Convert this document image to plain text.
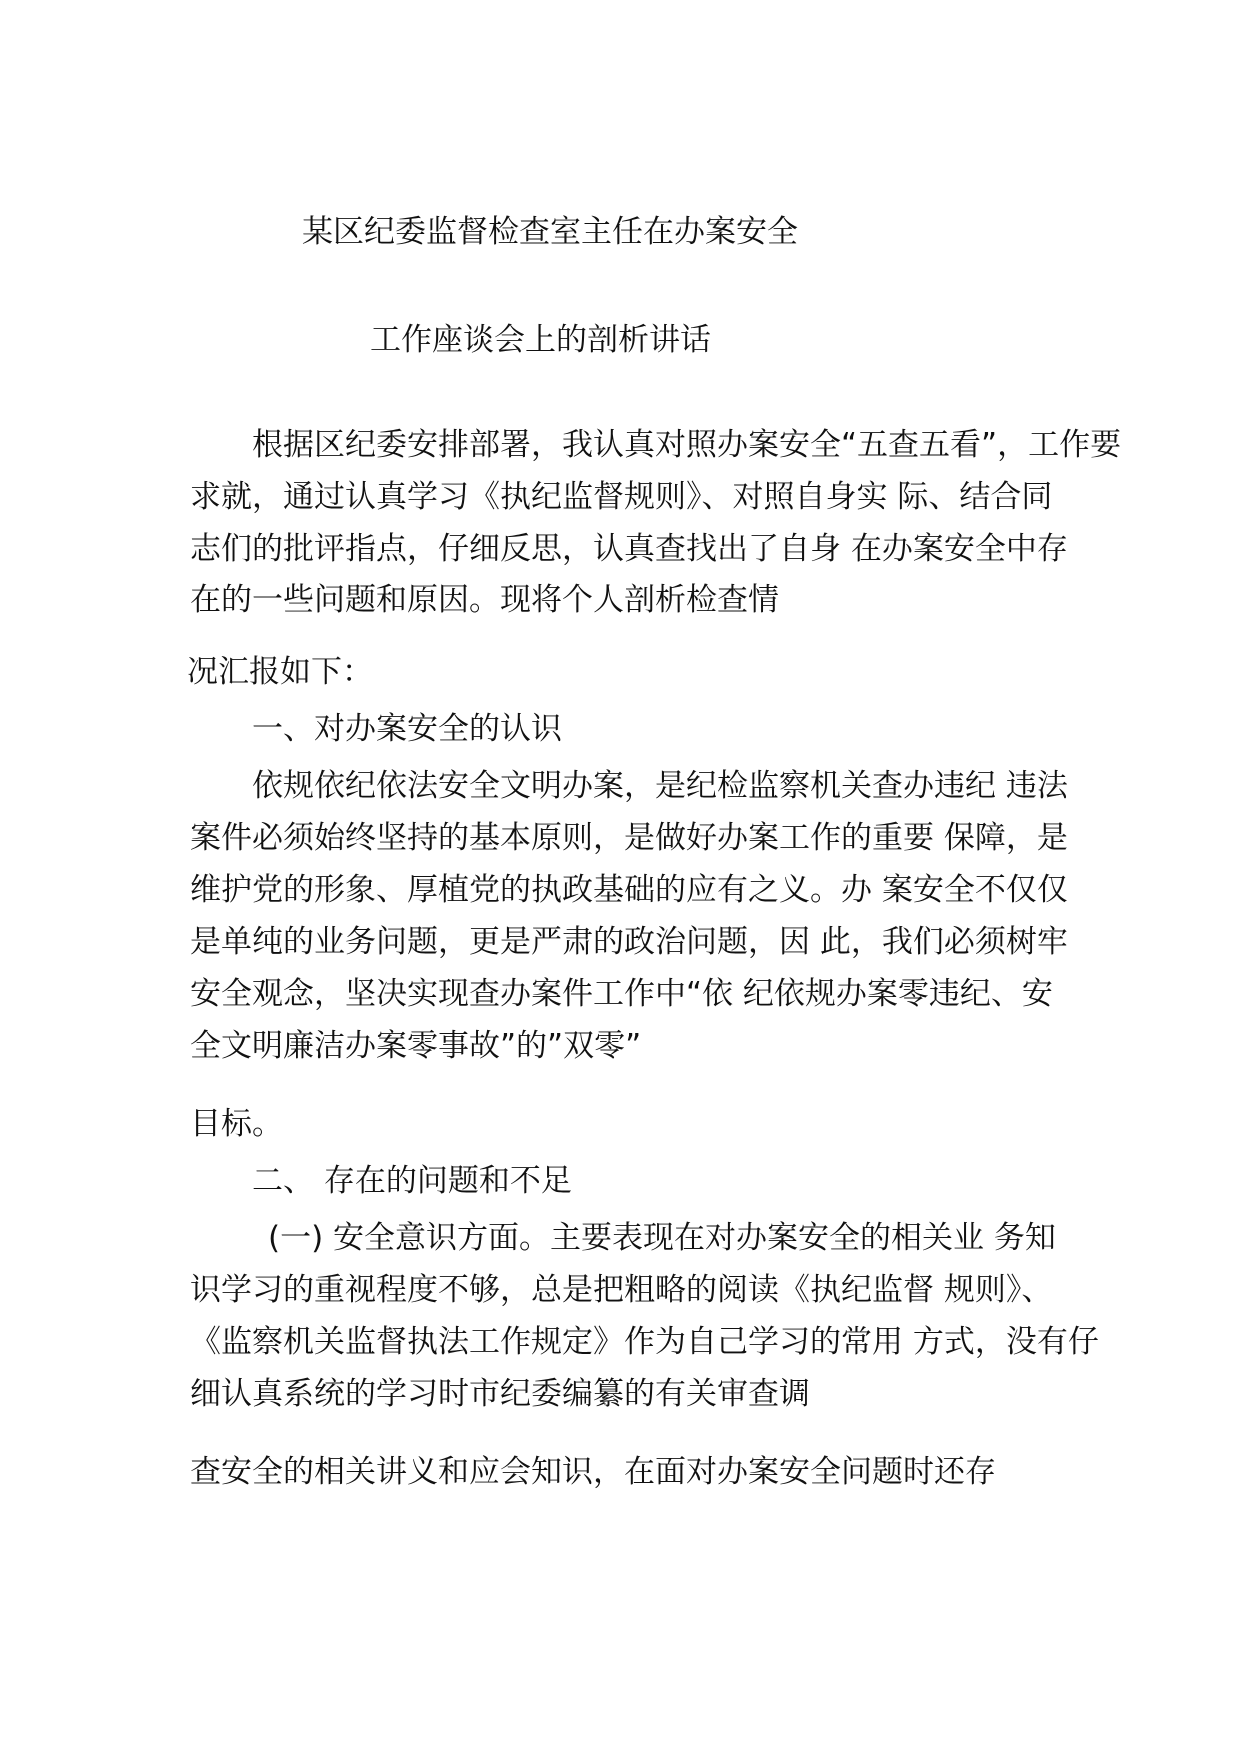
某区纪委监督检查室主任在办案安全
工作座谈会上的剖析讲话
根据区纪委安排部署，我认真对照办案安全“五查五看”，工作要
求就，通过认真学习《执纪监督规则》、对照自身实 际、结合同
志们的批评指点，仔细反思，认真查找出了自身 在办案安全中存
在的一些问题和原因。现将个人剖析检查情
况汇报如下：
一、对办案安全的认识
依规依纪依法安全文明办案，是纪检监察机关查办违纪 违法
案件必须始终坚持的基本原则，是做好办案工作的重要 保障，是
维护党的形象、厚植党的执政基础的应有之义。办 案安全不仅仅
是单纯的业务问题，更是严肃的政治问题，因 此，我们必须树牢
安全观念，坚决实现查办案件工作中“依 纪依规办案零违纪、安
全文明廉洁办案零事故”的”双零”
目标。
二、 存在的问题和不足
(一) 安全意识方面。主要表现在对办案安全的相关业 务知
识学习的重视程度不够，总是把粗略的阅读《执纪监督 规则》、
《监察机关监督执法工作规定》作为自己学习的常用 方式，没有仔
细认真系统的学习时市纪委编纂的有关审查调
查安全的相关讲义和应会知识，在面对办案安全问题时还存
